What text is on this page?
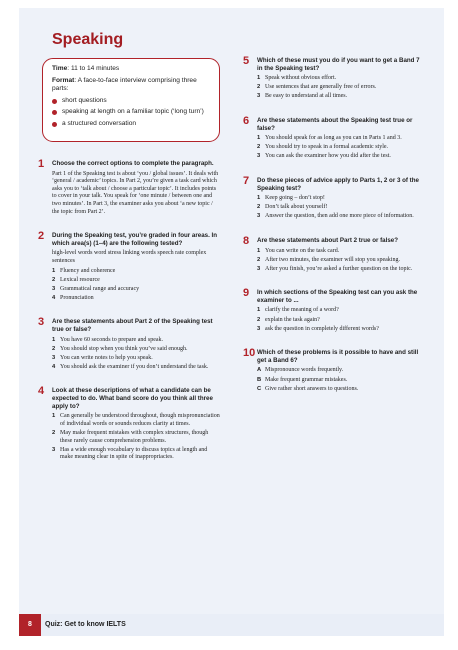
Speaking
Time: 11 to 14 minutes
Format: A face-to-face interview comprising three parts:
short questions
speaking at length on a familiar topic (‘long turn’)
a structured conversation
1 Choose the correct options to complete the paragraph.

Part 1 of the Speaking test is about ‘you / global issues’. It deals with ‘general / academic’ topics. In Part 2, you’re given a task card which asks you to ‘talk about / choose a particular topic’. It includes points to cover in your talk. You speak for ‘one minute / between one and two minutes’. In Part 3, the examiner asks you about ‘a new topic / the topic from Part 2’.

2 During the Speaking test, you’re graded in four areas. In which area(s) (1–4) are the following tested?

high-level words word stress linking words speech rate complex sentences

1 Fluency and coherence
2 Lexical resource
3 Grammatical range and accuracy
4 Pronunciation
3 Are these statements about Part 2 of the Speaking test true or false?
1 You have 60 seconds to prepare and speak.
2 You should stop when you think you’ve said enough.
3 You can write notes to help you speak.
4 You should ask the examiner if you don’t understand the task.
4 Look at these descriptions of what a candidate can be expected to do. What band score do you think all three apply to?
1 Can generally be understood throughout, though mispronunciation of individual words or sounds reduces clarity at times.
2 May make frequent mistakes with complex structures, though these rarely cause comprehension problems.
3 Has a wide enough vocabulary to discuss topics at length and make meaning clear in spite of inappropriacies.
5 Which of these must you do if you want to get a Band 7 in the Speaking test?
1 Speak without obvious effort.
2 Use sentences that are generally free of errors.
3 Be easy to understand at all times.
6 Are these statements about the Speaking test true or false?
1 You should speak for as long as you can in Parts 1 and 3.
2 You should try to speak in a formal academic style.
3 You can ask the examiner how you did after the test.
7 Do these pieces of advice apply to Parts 1, 2 or 3 of the Speaking test?
1 Keep going – don’t stop!
2 Don’t talk about yourself!
3 Answer the question, then add one more piece of information.
8 Are these statements about Part 2 true or false?
1 You can write on the task card.
2 After two minutes, the examiner will stop you speaking.
3 After you finish, you’re asked a further question on the topic.
9 In which sections of the Speaking test can you ask the examiner to ...
1 clarify the meaning of a word?
2 explain the task again?
3 ask the question in completely different words?
10 Which of these problems is it possible to have and still get a Band 6?
A Mispronounce words frequently.
B Make frequent grammar mistakes.
C Give rather short answers to questions.
8	Quiz: Get to know IELTS
